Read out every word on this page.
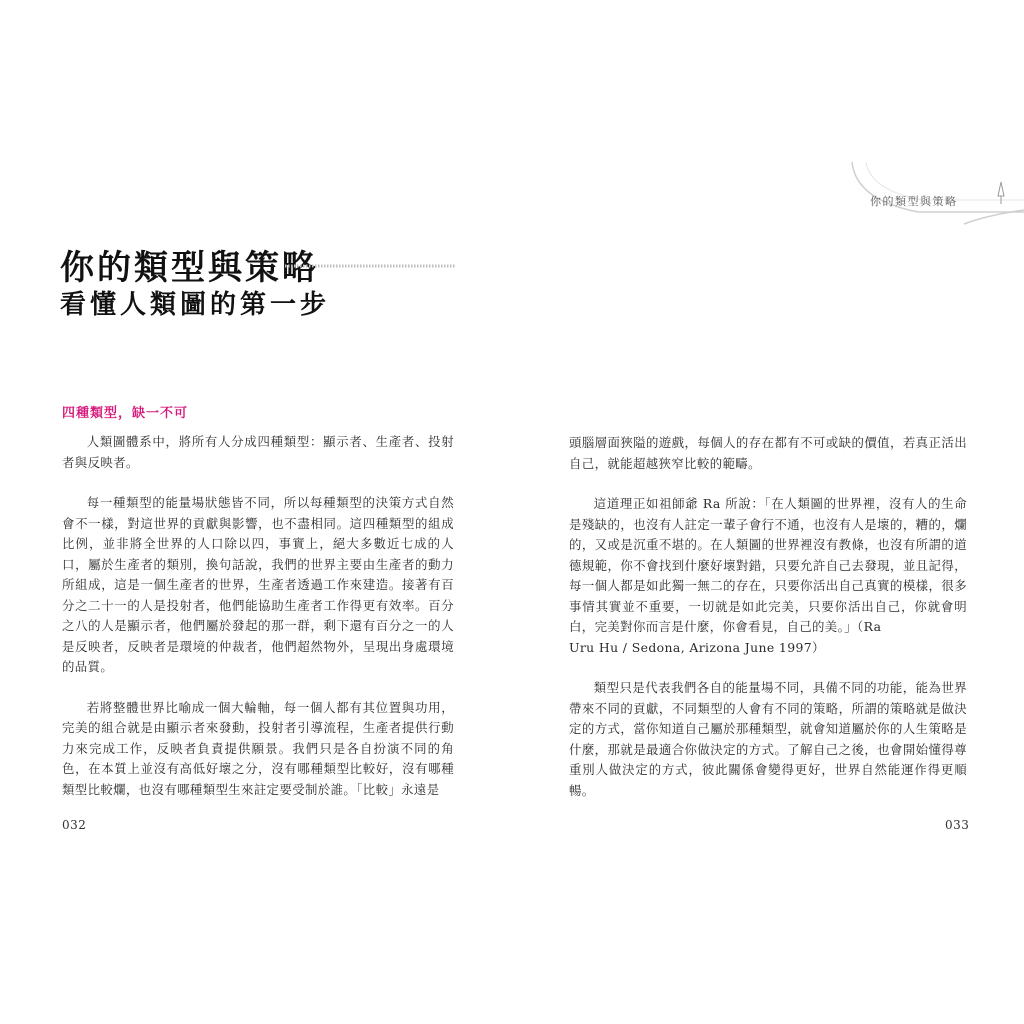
你的類型與策略
看懂人類圖的第一步
四種類型，缺一不可

人類圖體系中，將所有人分成四種類型：顯示者、生產者、投射者與反映者。

每一種類型的能量場狀態皆不同，所以每種類型的決策方式自然會不一樣，對這世界的貢獻與影響，也不盡相同。這四種類型的組成比例，並非將全世界的人口除以四，事實上，絕大多數近七成的人口，屬於生產者的類別，換句話說，我們的世界主要由生產者的動力所組成，這是一個生產者的世界，生產者透過工作來建造。接著有百分之二十一的人是投射者，他們能協助生產者工作得更有效率。百分之八的人是顯示者，他們屬於發起的那一群，剩下還有百分之一的人是反映者，反映者是環境的仲裁者，他們超然物外，呈現出身處環境的品質。

若將整體世界比喻成一個大輪軸，每一個人都有其位置與功用，完美的組合就是由顯示者來發動，投射者引導流程，生產者提供行動力來完成工作，反映者負責提供願景。我們只是各自扮演不同的角色，在本質上並沒有高低好壞之分，沒有哪種類型比較好，沒有哪種類型比較爛，也沒有哪種類型生來註定要受制於誰。「比較」永遠是

032
你的類型與策略

頭腦層面狹隘的遊戲，每個人的存在都有不可或缺的價值，若真正活出自己，就能超越狹窄比較的範疇。

這道理正如祖師爺 Ra 所說：「在人類圖的世界裡，沒有人的生命是殘缺的，也沒有人註定一輩子會行不通，也沒有人是壞的，糟的，爛的，又或是沉重不堪的。在人類圖的世界裡沒有教條，也沒有所謂的道德規範，你不會找到什麼好壞對錯，只要允許自己去發現，並且記得，每一個人都是如此獨一無二的存在，只要你活出自己真實的模樣，很多事情其實並不重要，一切就是如此完美，只要你活出自己，你就會明白，完美對你而言是什麼，你會看見，自己的美。」（Ra
Uru Hu / Sedona, Arizona June 1997）

類型只是代表我們各自的能量場不同，具備不同的功能，能為世界帶來不同的貢獻，不同類型的人會有不同的策略，所謂的策略就是做決定的方式，當你知道自己屬於那種類型，就會知道屬於你的人生策略是什麼，那就是最適合你做決定的方式。了解自己之後，也會開始懂得尊重別人做決定的方式，彼此關係會變得更好，世界自然能運作得更順暢。

033
